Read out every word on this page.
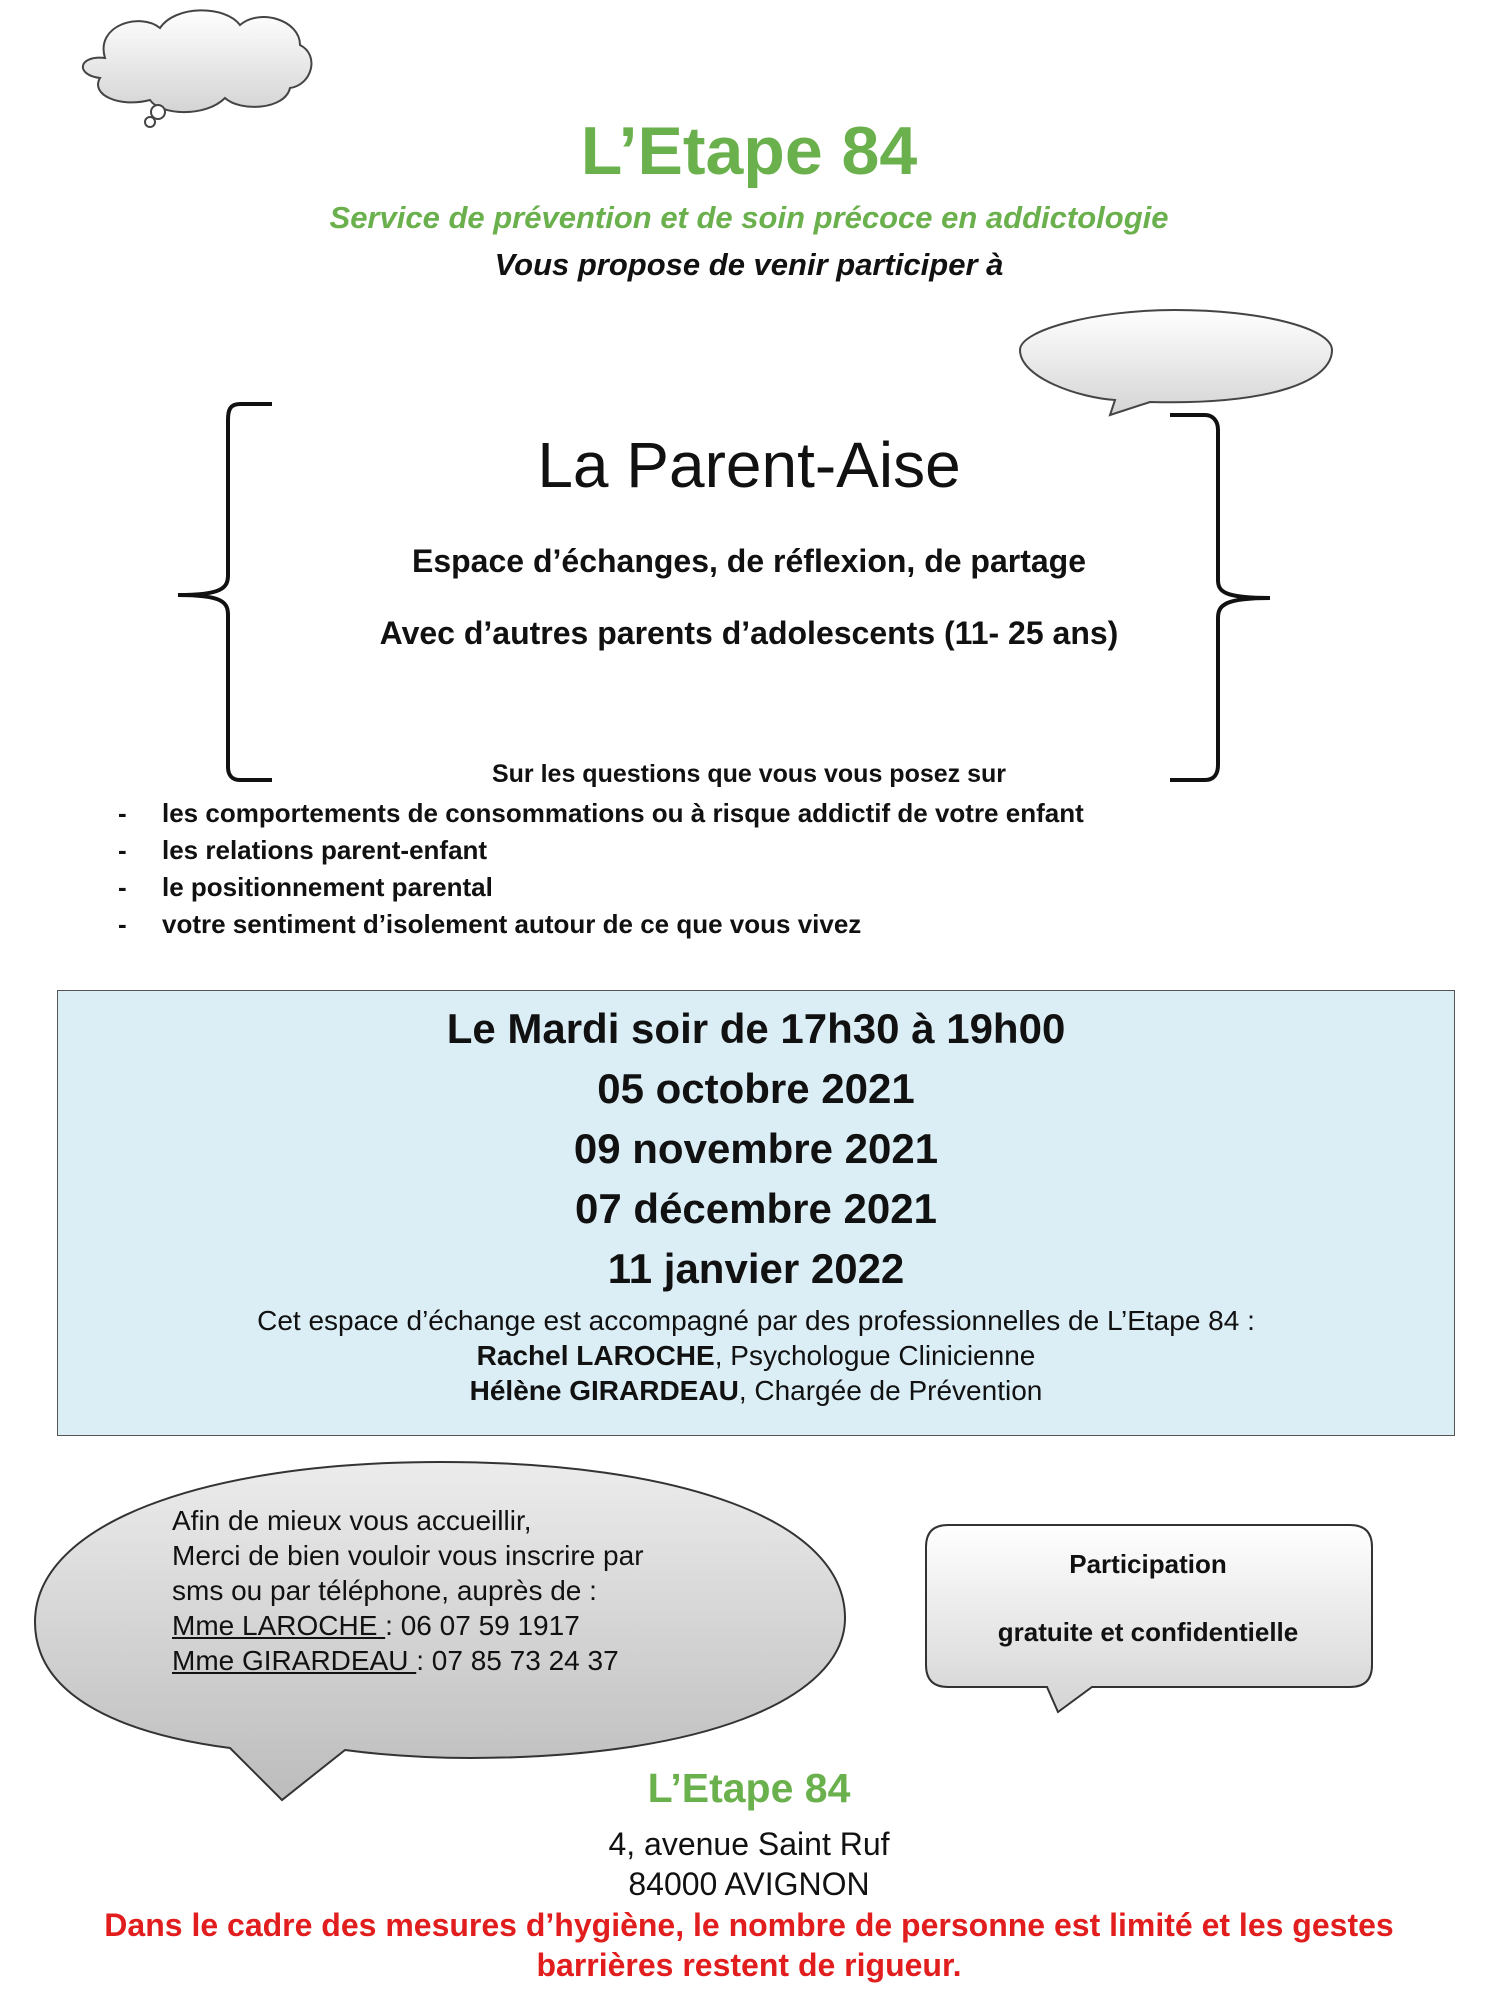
L’Etape 84
Service de prévention et de soin précoce en addictologie
Vous propose de venir participer à
La Parent-Aise
Espace d’échanges, de réflexion, de partage
Avec d’autres parents d’adolescents (11- 25 ans)
Sur les questions que vous vous posez sur
- les comportements de consommations ou à risque addictif de votre enfant
- les relations parent-enfant
- le positionnement parental
- votre sentiment d’isolement autour de ce que vous vivez
Le Mardi soir de 17h30 à 19h00
05 octobre 2021
09 novembre 2021
07 décembre 2021
11 janvier 2022
Cet espace d’échange est accompagné par des professionnelles de L’Etape 84 :
Rachel LAROCHE, Psychologue Clinicienne
Hélène GIRARDEAU, Chargée de Prévention
Afin de mieux vous accueillir,
Merci de bien vouloir vous inscrire par
sms ou par téléphone, auprès de :
Mme LAROCHE : 06 07 59 1917
Mme GIRARDEAU : 07 85 73 24 37
Participation
gratuite et confidentielle
L’Etape 84
4, avenue Saint Ruf
84000 AVIGNON
Dans le cadre des mesures d’hygiène, le nombre de personne est limité et les gestes barrières restent de rigueur.
